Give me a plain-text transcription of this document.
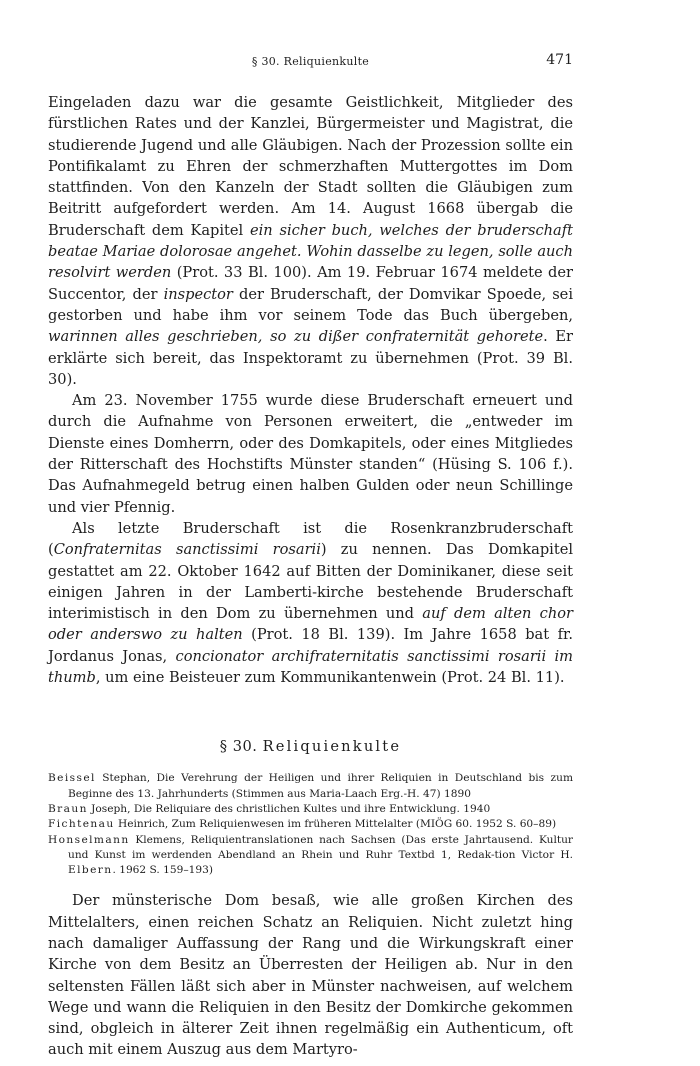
§ 30. Reliquienkulte	471

Eingeladen dazu war die gesamte Geistlichkeit, Mitglieder des fürstlichen Rates und der Kanzlei, Bürgermeister und Magistrat, die studierende Jugend und alle Gläubigen. Nach der Prozession sollte ein Pontifikalamt zu Ehren der schmerzhaften Muttergottes im Dom stattfinden. Von den Kanzeln der Stadt sollten die Gläubigen zum Beitritt aufgefordert werden. Am 14. August 1668 übergab die Bruderschaft dem Kapitel ein sicher buch, welches der bruderschaft beatae Mariae dolorosae angehet. Wohin dasselbe zu legen, solle auch resolvirt werden (Prot. 33 Bl. 100). Am 19. Februar 1674 meldete der Succentor, der inspector der Bruderschaft, der Domvikar Spoede, sei gestorben und habe ihm vor seinem Tode das Buch übergeben, warinnen alles geschrieben, so zu dißer confraternität gehorete. Er erklärte sich bereit, das Inspektoramt zu übernehmen (Prot. 39 Bl. 30).

Am 23. November 1755 wurde diese Bruderschaft erneuert und durch die Aufnahme von Personen erweitert, die „entweder im Dienste eines Domherrn, oder des Domkapitels, oder eines Mitgliedes der Ritterschaft des Hochstifts Münster standen“ (Hüsing S. 106 f.). Das Aufnahmegeld betrug einen halben Gulden oder neun Schillinge und vier Pfennig.

Als letzte Bruderschaft ist die Rosenkranzbruderschaft (Confraternitas sanctissimi rosarii) zu nennen. Das Domkapitel gestattet am 22. Oktober 1642 auf Bitten der Dominikaner, diese seit einigen Jahren in der Lamberti-kirche bestehende Bruderschaft interimistisch in den Dom zu übernehmen und auf dem alten chor oder anderswo zu halten (Prot. 18 Bl. 139). Im Jahre 1658 bat fr. Jordanus Jonas, concionator archifraternitatis sanctissimi rosarii im thumb, um eine Beisteuer zum Kommunikantenwein (Prot. 24 Bl. 11).

§ 30. Reliquienkulte

Beissel Stephan, Die Verehrung der Heiligen und ihrer Reliquien in Deutschland bis zum Beginne des 13. Jahrhunderts (Stimmen aus Maria-Laach Erg.-H. 47) 1890

Braun Joseph, Die Reliquiare des christlichen Kultes und ihre Entwicklung. 1940

Fichtenau Heinrich, Zum Reliquienwesen im früheren Mittelalter (MIÖG 60. 1952 S. 60–89)

Honselmann Klemens, Reliquientranslationen nach Sachsen (Das erste Jahrtausend. Kultur und Kunst im werdenden Abendland an Rhein und Ruhr Textbd 1, Redak-tion Victor H. Elbern. 1962 S. 159–193)

Der münsterische Dom besaß, wie alle großen Kirchen des Mittelalters, einen reichen Schatz an Reliquien. Nicht zuletzt hing nach damaliger Auffassung der Rang und die Wirkungskraft einer Kirche von dem Besitz an Überresten der Heiligen ab. Nur in den seltensten Fällen läßt sich aber in Münster nachweisen, auf welchem Wege und wann die Reliquien in den Besitz der Domkirche gekommen sind, obgleich in älterer Zeit ihnen regelmäßig ein Authenticum, oft auch mit einem Auszug aus dem Martyro-
